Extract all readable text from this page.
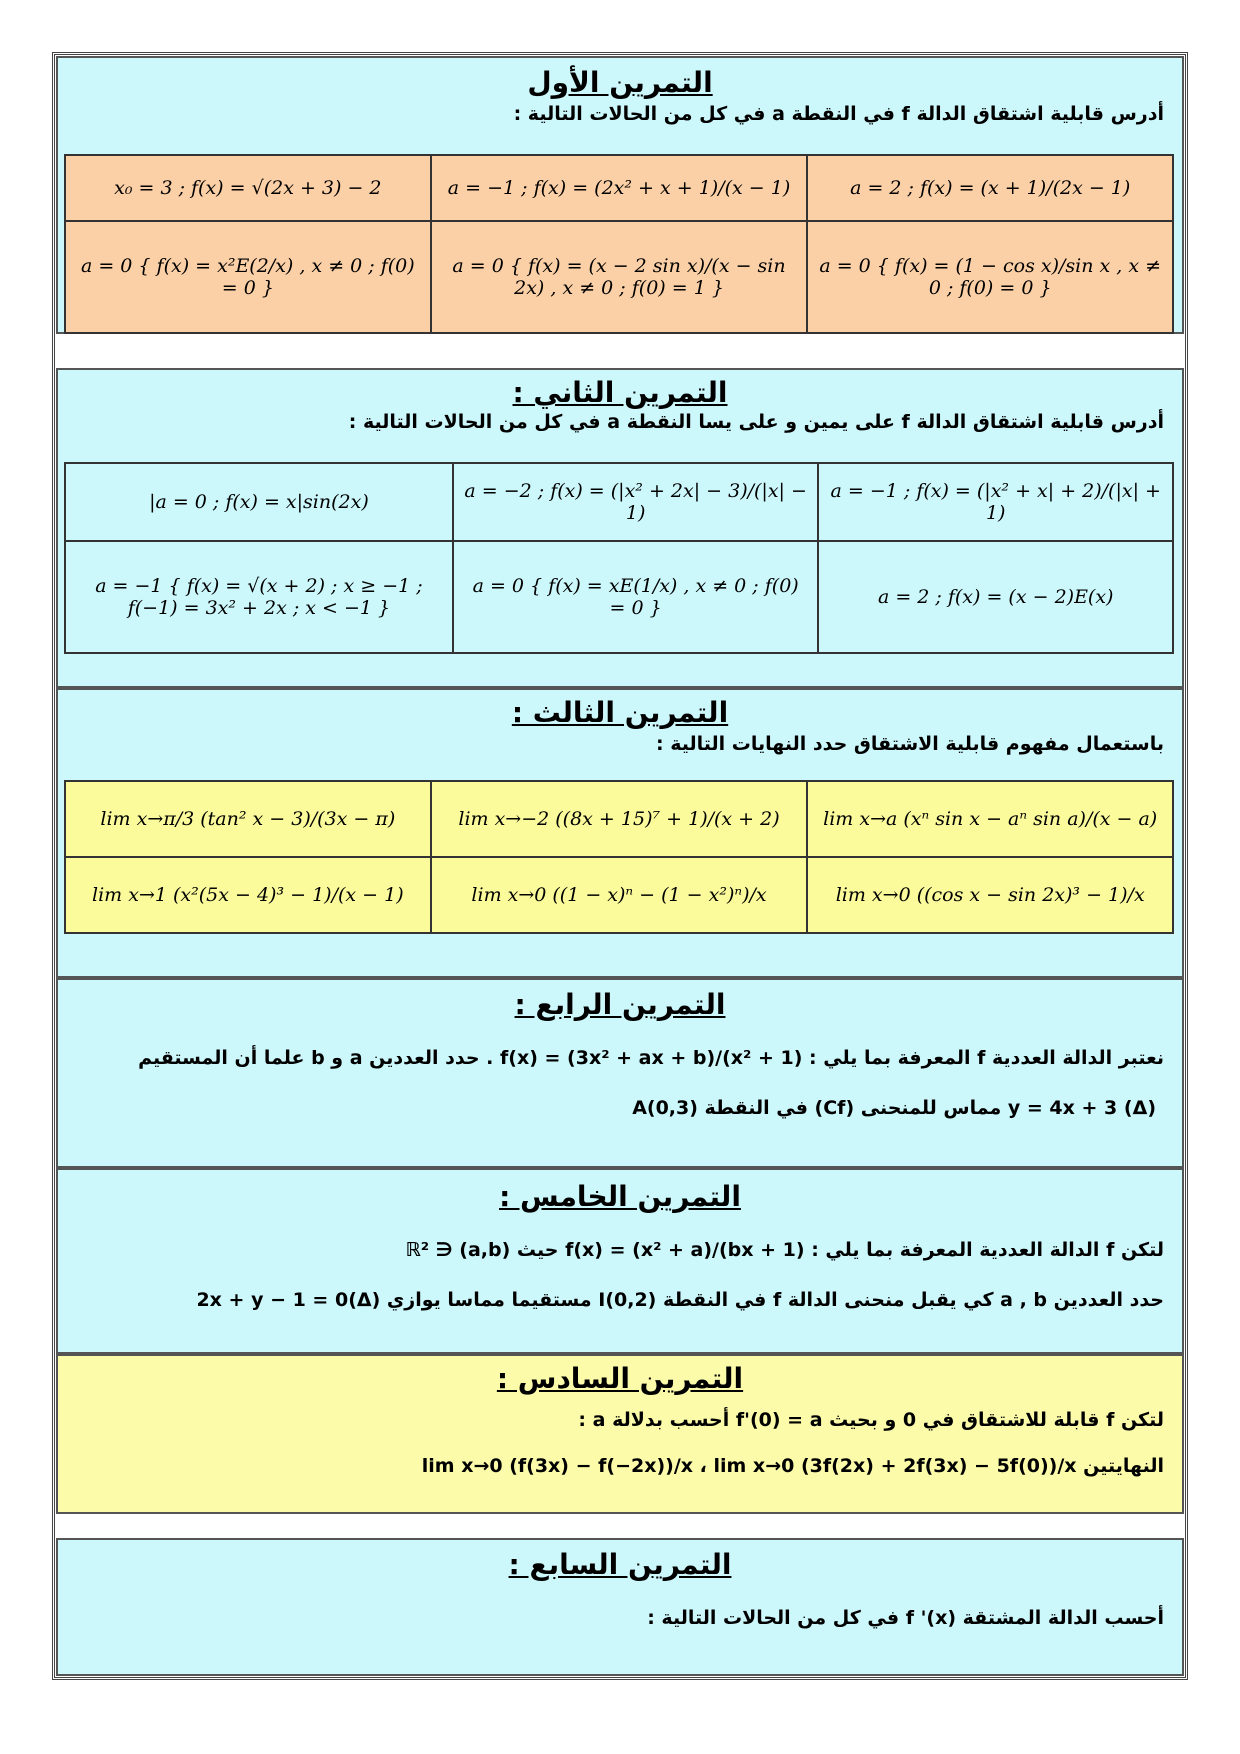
التمرين الأول
أدرس قابلية اشتقاق الدالة f في النقطة a في كل من الحالات التالية :
a = 2 ; f(x) = (x + 1)/(2x − 1)	a = −1 ; f(x) = (2x² + x + 1)/(x − 1)	x₀ = 3 ; f(x) = √(2x + 3) − 2
a = 0 { f(x) = (1 − cos x)/sin x , x ≠ 0 ; f(0) = 0 }	a = 0 { f(x) = (x − 2 sin x)/(x − sin 2x) , x ≠ 0 ; f(0) = 1 }	a = 0 { f(x) = x²E(2/x) , x ≠ 0 ; f(0) = 0 }
التمرين الثاني :
أدرس قابلية اشتقاق الدالة f على يمين و على يسا النقطة a في كل من الحالات التالية :
a = −1 ; f(x) = (|x² + x| + 2)/(|x| + 1)	a = −2 ; f(x) = (|x² + 2x| − 3)/(|x| − 1)	a = 0 ; f(x) = x|sin(2x)|
a = 2 ; f(x) = (x − 2)E(x)	a = 0 { f(x) = xE(1/x) , x ≠ 0 ; f(0) = 0 }	a = −1 { f(x) = √(x + 2) ; x ≥ −1 ; f(−1) = 3x² + 2x ; x < −1 }
التمرين الثالث :
باستعمال مفهوم قابلية الاشتقاق حدد النهايات التالية :
lim x→a (xⁿ sin x − aⁿ sin a)/(x − a)	lim x→−2 ((8x + 15)⁷ + 1)/(x + 2)	lim x→π/3 (tan² x − 3)/(3x − π)
lim x→0 ((cos x − sin 2x)³ − 1)/x	lim x→0 ((1 − x)ⁿ − (1 − x²)ⁿ)/x	lim x→1 (x²(5x − 4)³ − 1)/(x − 1)
التمرين الرابع :
نعتبر الدالة العددية f المعرفة بما يلي : f(x) = (3x² + ax + b)/(x² + 1) . حدد العددين a و b علما أن المستقيم
(Δ) y = 4x + 3 مماس للمنحنى (Cf) في النقطة A(0,3)
التمرين الخامس :
لتكن f الدالة العددية المعرفة بما يلي : f(x) = (x² + a)/(bx + 1) حيث (a,b) ∈ ℝ²
حدد العددين a , b كي يقبل منحنى الدالة f في النقطة I(0,2) مستقيما مماسا يوازي (Δ)2x + y − 1 = 0
التمرين السادس :
لتكن f قابلة للاشتقاق في 0 و بحيث f'(0) = a أحسب بدلالة a :
النهايتين lim x→0 (f(3x) − f(−2x))/x ، lim x→0 (3f(2x) + 2f(3x) − 5f(0))/x
التمرين السابع :
أحسب الدالة المشتقة f '(x) في كل من الحالات التالية :
